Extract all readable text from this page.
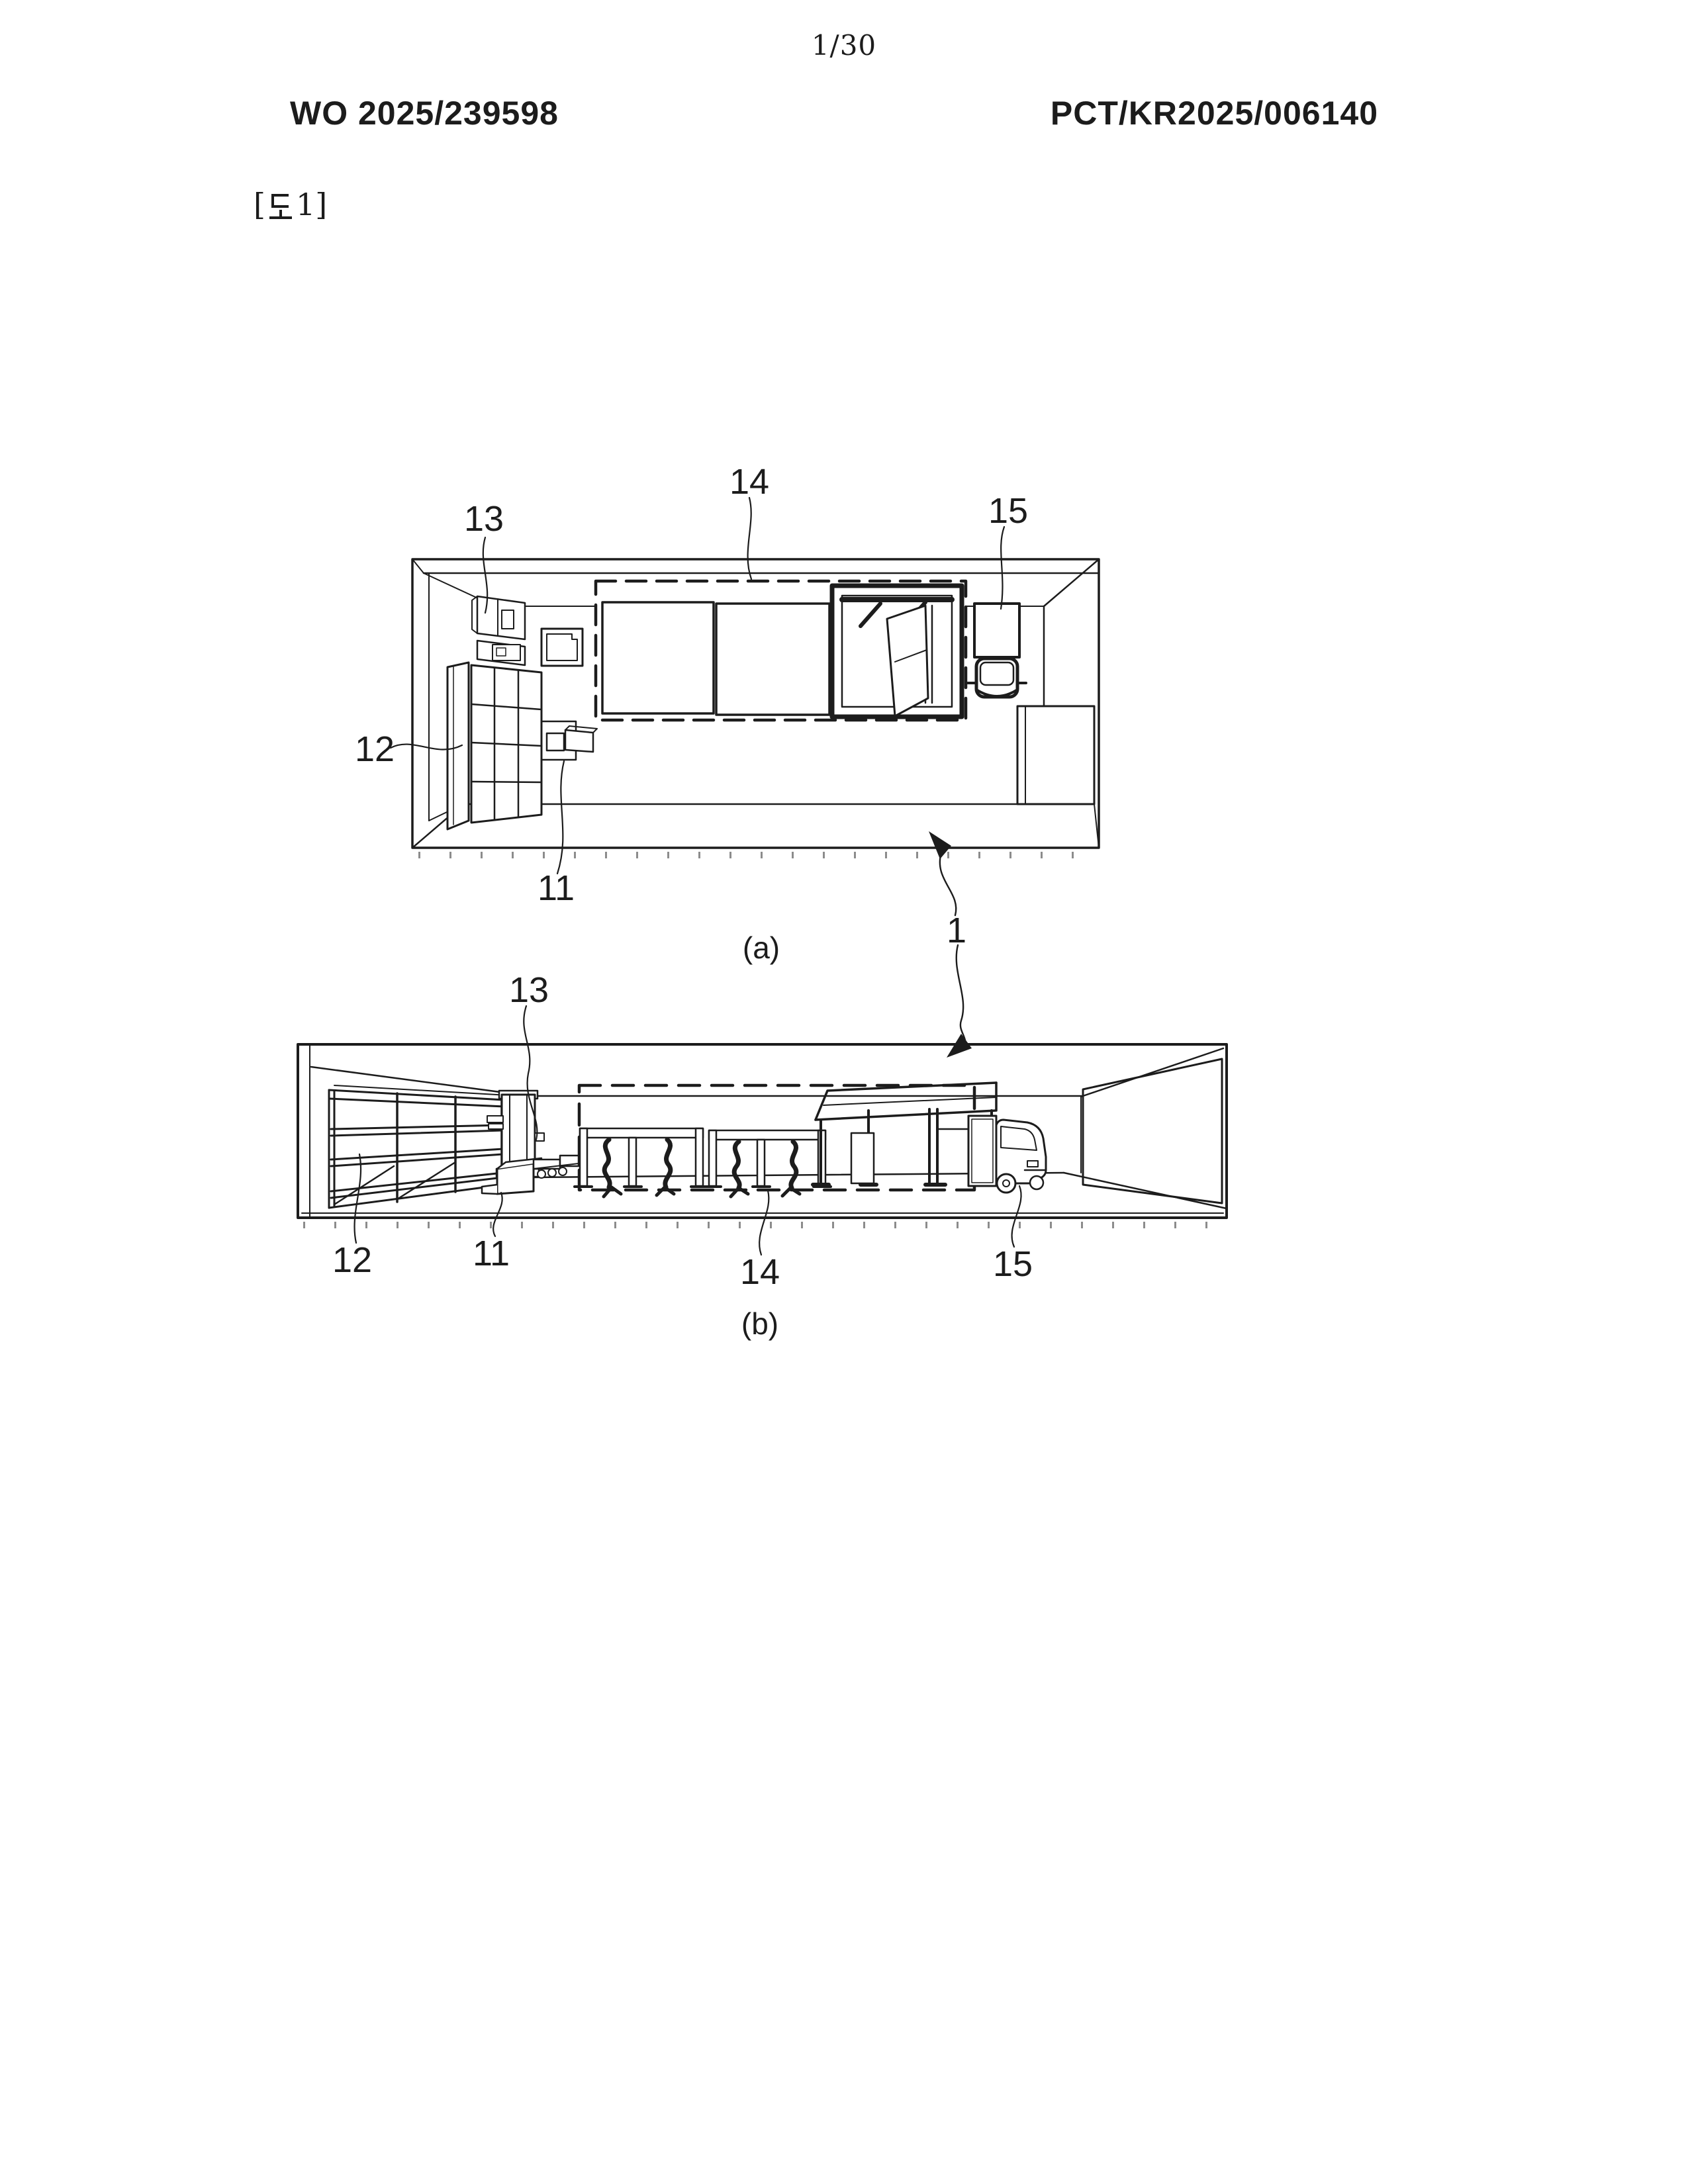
1/30
WO 2025/239598	PCT/KR2025/006140
[ 1]
13
14
15
12
11
(a)	1
13
12	11	14	15
(b)
